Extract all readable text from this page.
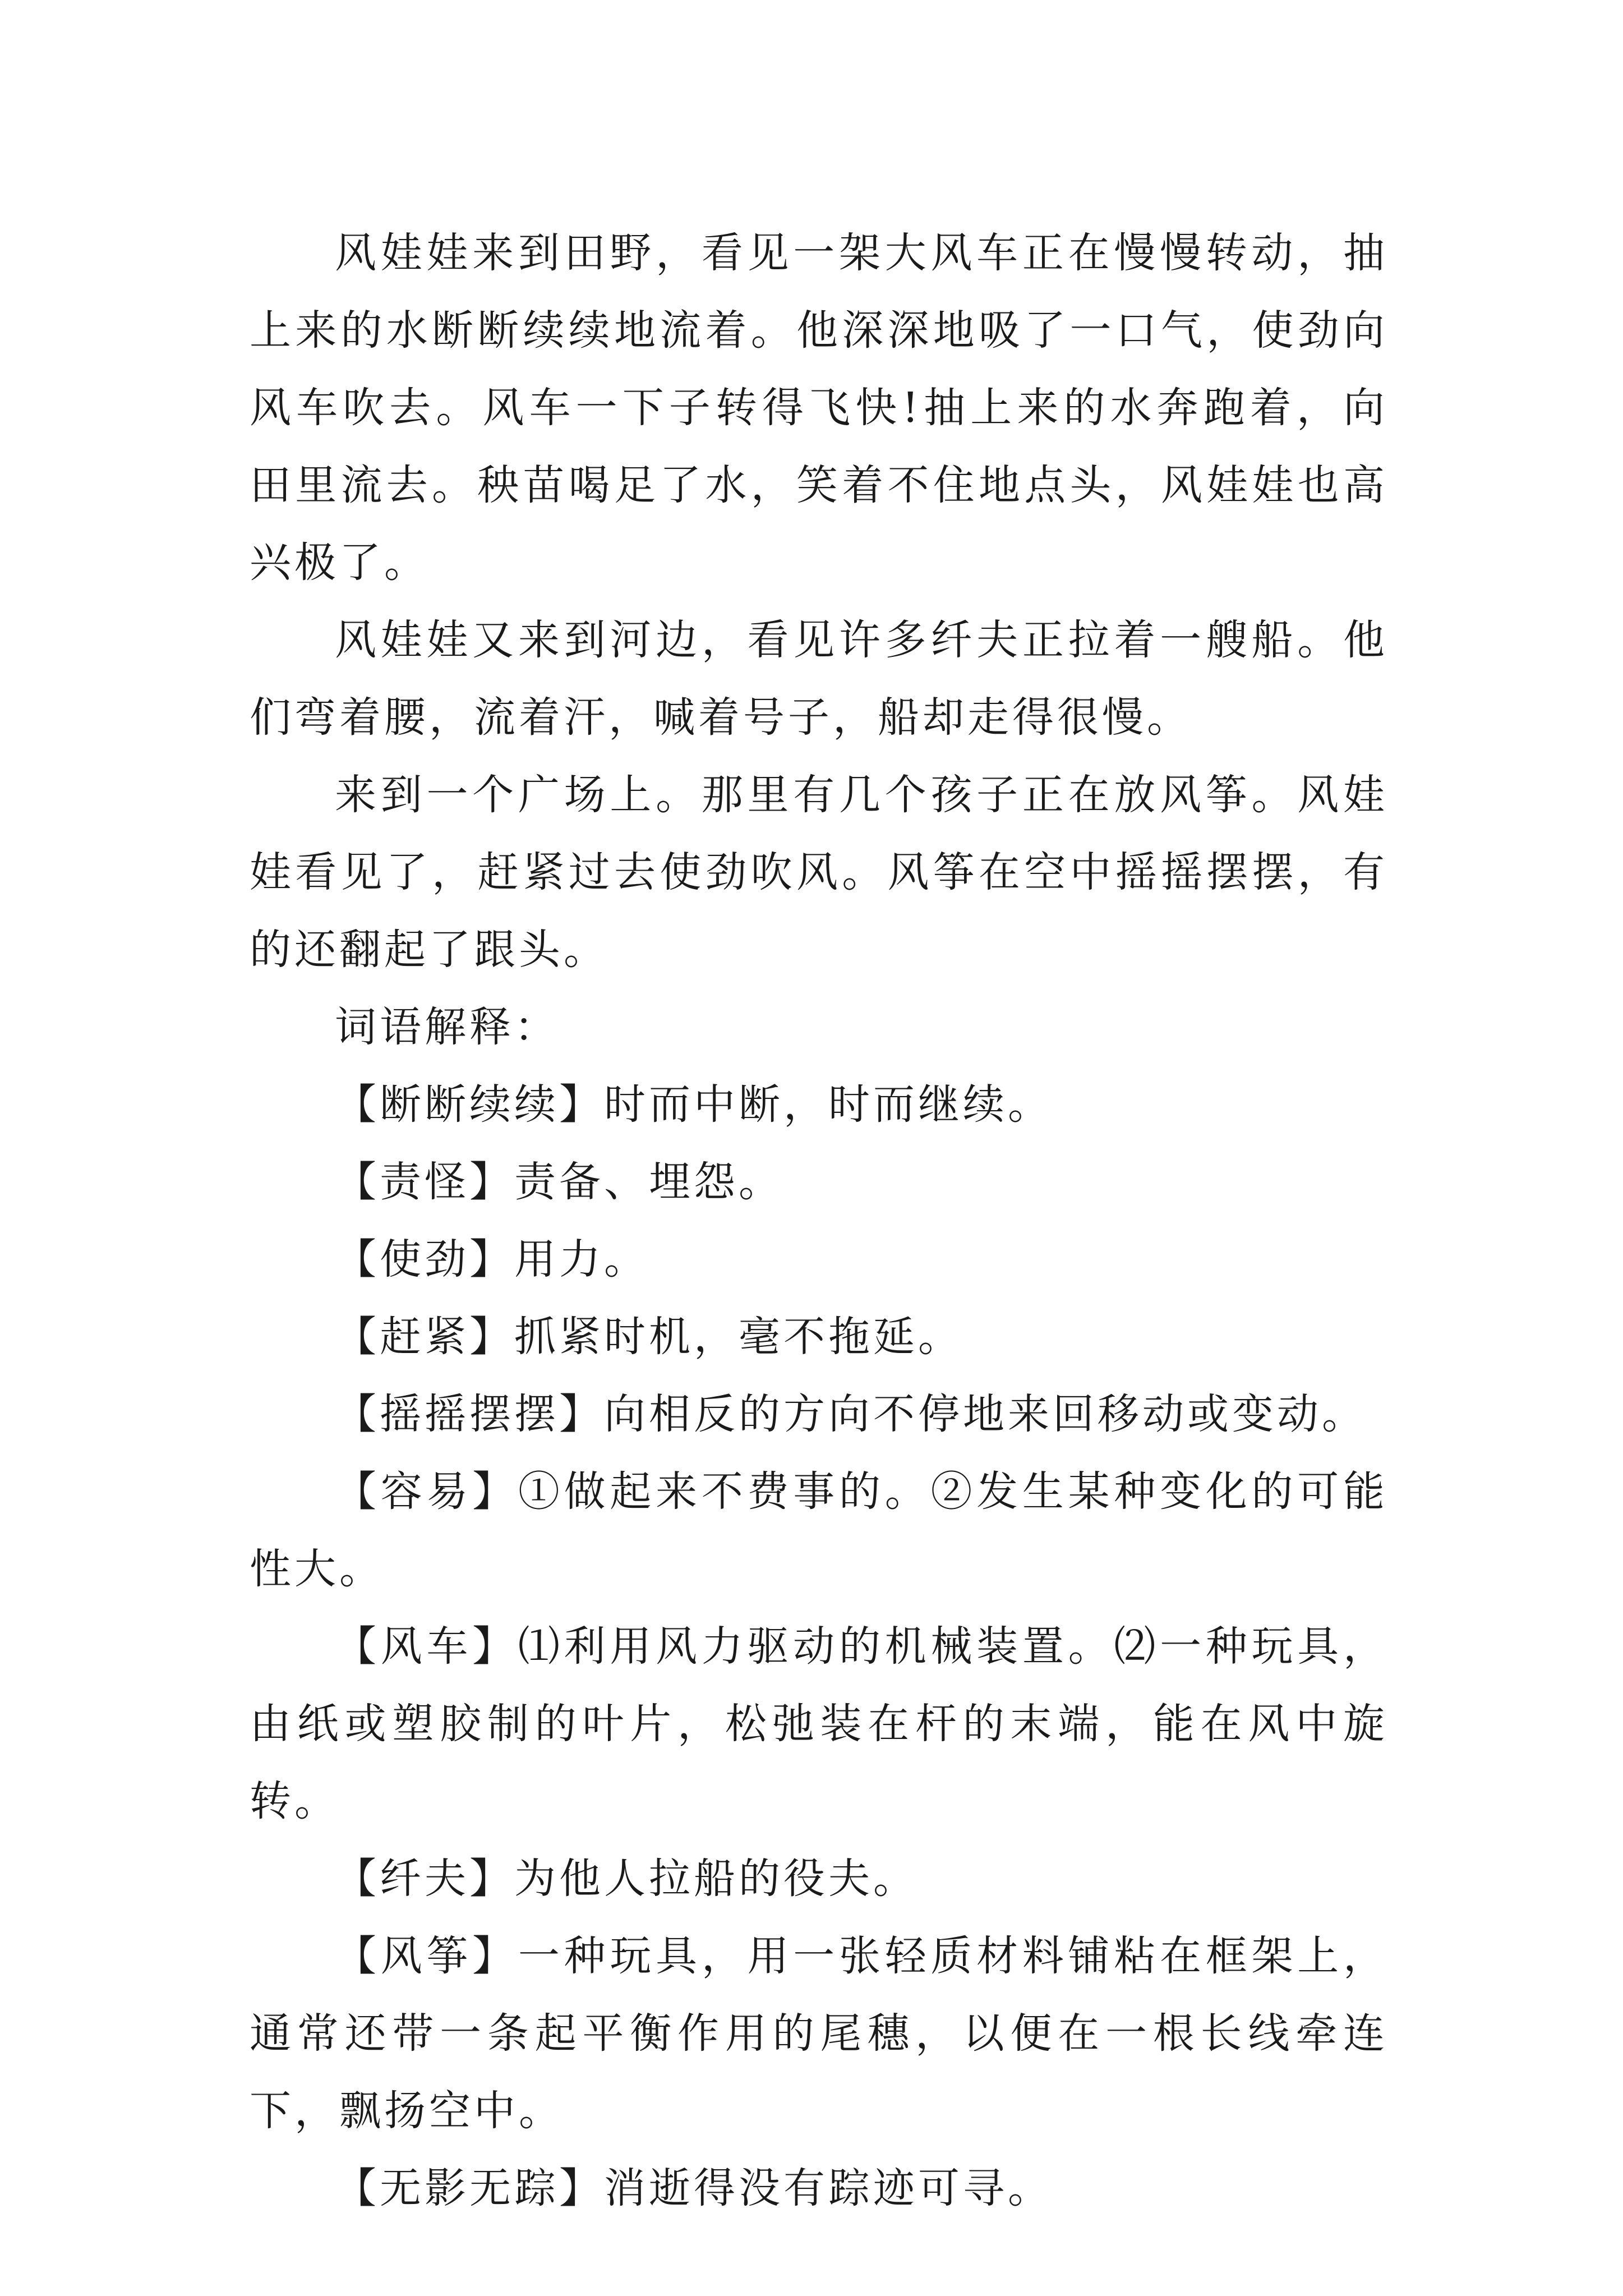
风娃娃来到田野，看见一架大风车正在慢慢转动，抽上来的水断断续续地流着。他深深地吸了一口气，使劲向风车吹去。风车一下子转得飞快!抽上来的水奔跑着，向田里流去。秧苗喝足了水，笑着不住地点头，风娃娃也高兴极了。

风娃娃又来到河边，看见许多纤夫正拉着一艘船。他们弯着腰，流着汗，喊着号子，船却走得很慢。

来到一个广场上。那里有几个孩子正在放风筝。风娃娃看见了，赶紧过去使劲吹风。风筝在空中摇摇摆摆，有的还翻起了跟头。

词语解释：

【断断续续】时而中断，时而继续。

【责怪】责备、埋怨。

【使劲】用力。

【赶紧】抓紧时机，毫不拖延。

【摇摇摆摆】向相反的方向不停地来回移动或变动。

【容易】①做起来不费事的。②发生某种变化的可能性大。

【风车】⑴利用风力驱动的机械装置。⑵一种玩具，由纸或塑胶制的叶片，松弛装在杆的末端，能在风中旋转。

【纤夫】为他人拉船的役夫。

【风筝】一种玩具，用一张轻质材料铺粘在框架上，通常还带一条起平衡作用的尾穗，以便在一根长线牵连下，飘扬空中。

【无影无踪】消逝得没有踪迹可寻。
